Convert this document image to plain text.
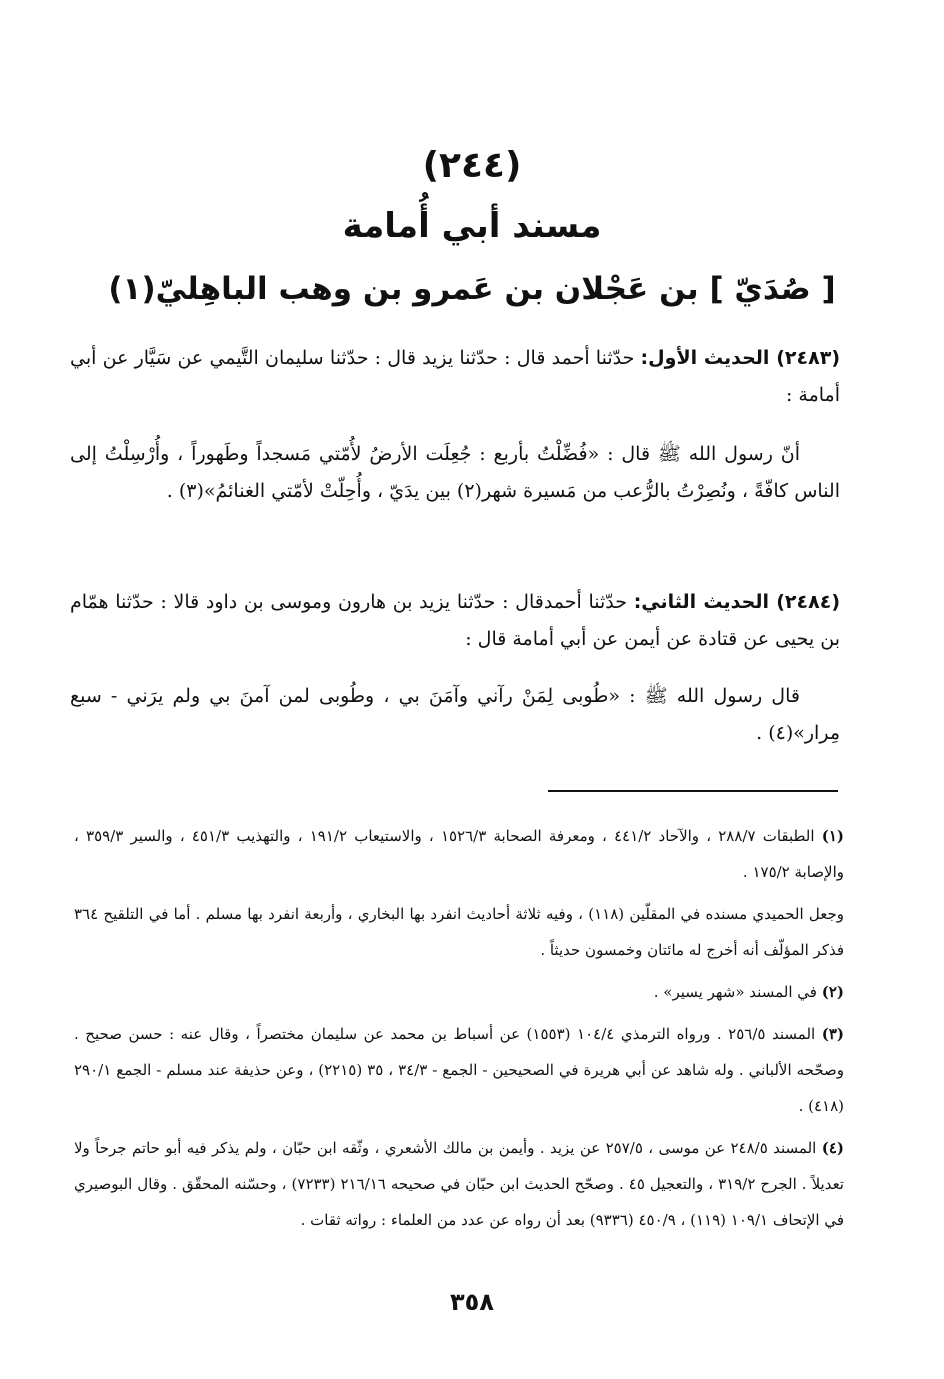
(٢٤٤)
مسند أبي أُمامة
[ صُدَيّ ] بن عَجْلان بن عَمرو بن وهب الباهِليّ(١)
(٢٤٨٣) الحديث الأول: حدّثنا أحمد قال : حدّثنا يزيد قال : حدّثنا سليمان التَّيمي عن سَيَّار عن أبي أمامة :
أنّ رسول الله ﷺ قال : «فُضِّلْتُ بأربع : جُعِلَت الأرضُ لأُمّتي مَسجداً وطَهوراً ، وأُرْسِلْتُ إلى الناس كافّةً ، ونُصِرْتُ بالرُّعب من مَسيرة شهر(٢) بين يدَيّ ، وأُحِلّتْ لأمّتي الغنائمُ»(٣) .
(٢٤٨٤) الحديث الثاني: حدّثنا أحمدقال : حدّثنا يزيد بن هارون وموسى بن داود قالا : حدّثنا همّام بن يحيى عن قتادة عن أيمن عن أبي أمامة قال :
قال رسول الله ﷺ : «طُوبى لِمَنْ رآني وآمَنَ بي ، وطُوبى لمن آمنَ بي ولم يرَني - سبع مِرار»(٤) .
(١) الطبقات ٢٨٨/٧ ، والآحاد ٤٤١/٢ ، ومعرفة الصحابة ١٥٢٦/٣ ، والاستيعاب ١٩١/٢ ، والتهذيب ٤٥١/٣ ، والسير ٣٥٩/٣ ، والإصابة ١٧٥/٢ .
وجعل الحميدي مسنده في المقلّين (١١٨) ، وفيه ثلاثة أحاديث انفرد بها البخاري ، وأربعة انفرد بها مسلم . أما في التلقيح ٣٦٤ فذكر المؤلّف أنه أخرج له مائتان وخمسون حديثاً .
(٢) في المسند «شهر يسير» .
(٣) المسند ٢٥٦/٥ . ورواه الترمذي ١٠٤/٤ (١٥٥٣) عن أسباط بن محمد عن سليمان مختصراً ، وقال عنه : حسن صحيح . وصحّحه الألباني . وله شاهد عن أبي هريرة في الصحيحين - الجمع - ٣٤/٣ ، ٣٥ (٢٢١٥) ، وعن حذيفة عند مسلم - الجمع ٢٩٠/١ (٤١٨) .
(٤) المسند ٢٤٨/٥ عن موسى ، ٢٥٧/٥ عن يزيد . وأيمن بن مالك الأشعري ، وثّقه ابن حبّان ، ولم يذكر فيه أبو حاتم جرحاً ولا تعديلاً . الجرح ٣١٩/٢ ، والتعجيل ٤٥ . وصحّح الحديث ابن حبّان في صحيحه ٢١٦/١٦ (٧٢٣٣) ، وحسّنه المحقّق . وقال البوصيري في الإتحاف ١٠٩/١ (١١٩) ، ٤٥٠/٩ (٩٣٣٦) بعد أن رواه عن عدد من العلماء : رواته ثقات .
٣٥٨
